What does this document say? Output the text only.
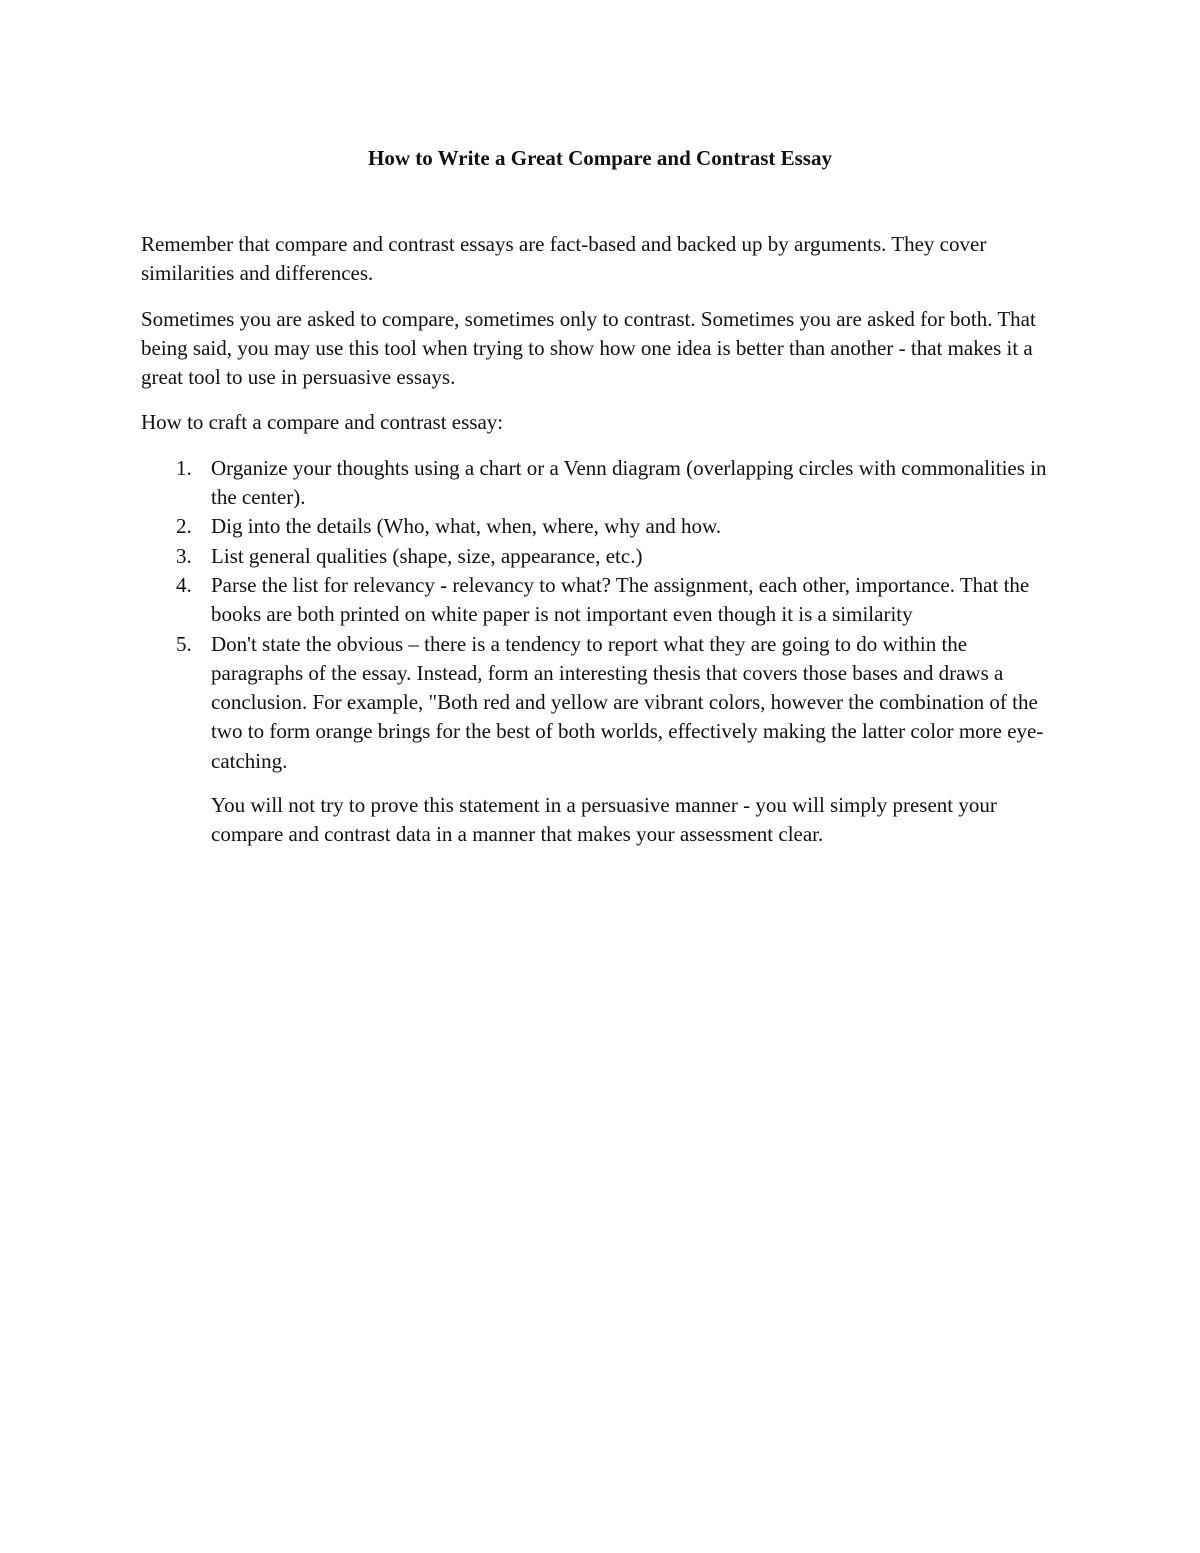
How to Write a Great Compare and Contrast Essay

Remember that compare and contrast essays are fact-based and backed up by arguments. They cover similarities and differences.

Sometimes you are asked to compare, sometimes only to contrast. Sometimes you are asked for both. That being said, you may use this tool when trying to show how one idea is better than another - that makes it a great tool to use in persuasive essays.

How to craft a compare and contrast essay:

1. Organize your thoughts using a chart or a Venn diagram (overlapping circles with commonalities in the center).
2. Dig into the details (Who, what, when, where, why and how.
3. List general qualities (shape, size, appearance, etc.)
4. Parse the list for relevancy - relevancy to what? The assignment, each other, importance. That the books are both printed on white paper is not important even though it is a similarity
5. Don't state the obvious – there is a tendency to report what they are going to do within the paragraphs of the essay. Instead, form an interesting thesis that covers those bases and draws a conclusion. For example, "Both red and yellow are vibrant colors, however the combination of the two to form orange brings for the best of both worlds, effectively making the latter color more eye-catching.

You will not try to prove this statement in a persuasive manner - you will simply present your compare and contrast data in a manner that makes your assessment clear.
